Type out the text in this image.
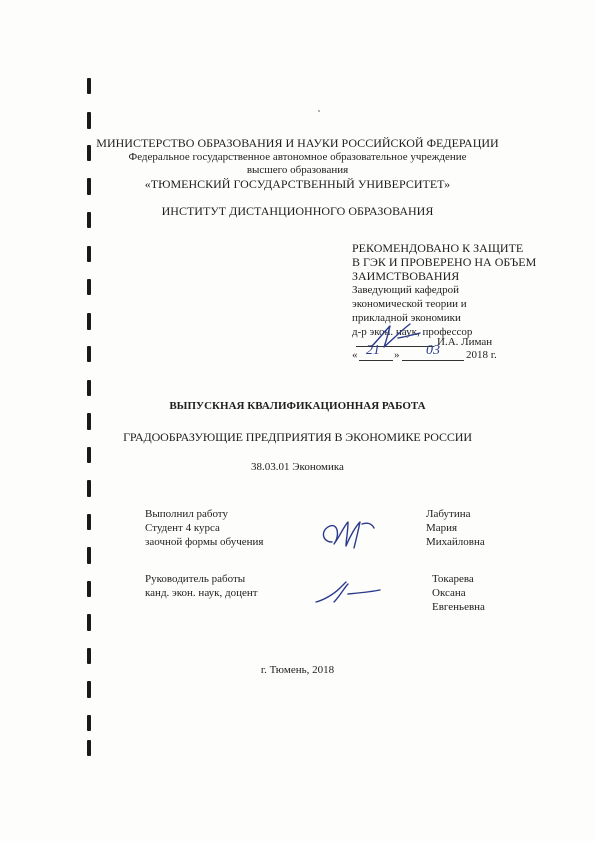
МИНИСТЕРСТВО ОБРАЗОВАНИЯ И НАУКИ РОССИЙСКОЙ ФЕДЕРАЦИИ
Федеральное государственное автономное образовательное учреждение
высшего образования
«ТЮМЕНСКИЙ ГОСУДАРСТВЕННЫЙ УНИВЕРСИТЕТ»
ИНСТИТУТ ДИСТАНЦИОННОГО ОБРАЗОВАНИЯ
РЕКОМЕНДОВАНО К ЗАЩИТЕ
В ГЭК И ПРОВЕРЕНО НА ОБЪЕМ
ЗАИМСТВОВАНИЯ
Заведующий кафедрой
экономической теории и
прикладной экономики
д-р экон. наук, профессор
И.А. Лиман
« 21 » 03 2018 г.
ВЫПУСКНАЯ КВАЛИФИКАЦИОННАЯ РАБОТА
ГРАДООБРАЗУЮЩИЕ ПРЕДПРИЯТИЯ В ЭКОНОМИКЕ РОССИИ
38.03.01 Экономика
Выполнил работу
Студент 4 курса
заочной формы обучения
Лабутина
Мария
Михайловна
Руководитель работы
канд. экон. наук, доцент
Токарева
Оксана
Евгеньевна
г. Тюмень, 2018
